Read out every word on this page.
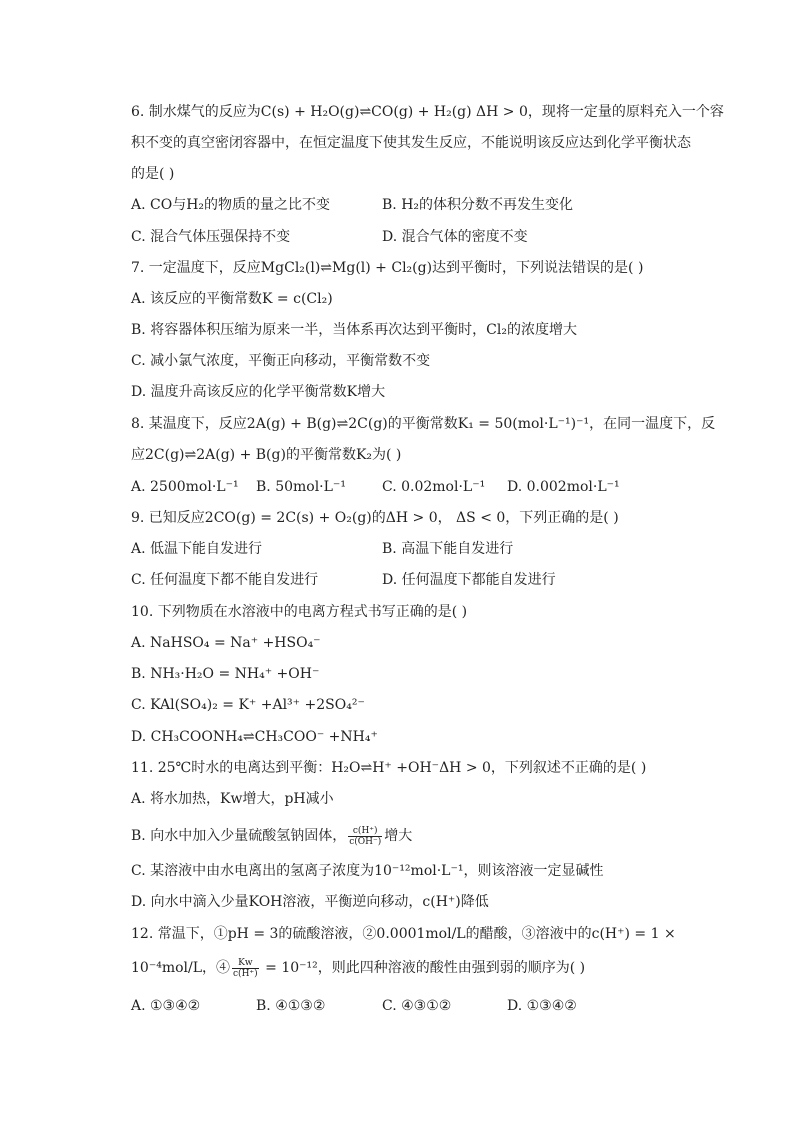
6. 制水煤气的反应为C(s) + H₂O(g)⇌CO(g) + H₂(g) ΔH > 0，现将一定量的原料充入一个容
积不变的真空密闭容器中，在恒定温度下使其发生反应，不能说明该反应达到化学平衡状态
的是( )
A. CO与H₂的物质的量之比不变	B. H₂的体积分数不再发生变化
C. 混合气体压强保持不变	D. 混合气体的密度不变
7. 一定温度下，反应MgCl₂(l)⇌Mg(l) + Cl₂(g)达到平衡时，下列说法错误的是( )
A. 该反应的平衡常数K = c(Cl₂)
B. 将容器体积压缩为原来一半，当体系再次达到平衡时，Cl₂的浓度增大
C. 减小氯气浓度，平衡正向移动，平衡常数不变
D. 温度升高该反应的化学平衡常数K增大
8. 某温度下，反应2A(g) + B(g)⇌2C(g)的平衡常数K₁ = 50(mol·L⁻¹)⁻¹，在同一温度下，反
应2C(g)⇌2A(g) + B(g)的平衡常数K₂为( )
A. 2500mol·L⁻¹ B. 50mol·L⁻¹	C. 0.02mol·L⁻¹ D. 0.002mol·L⁻¹
9. 已知反应2CO(g) = 2C(s) + O₂(g)的ΔH > 0， ΔS < 0，下列正确的是( )
A. 低温下能自发进行	B. 高温下能自发进行
C. 任何温度下都不能自发进行	D. 任何温度下都能自发进行
10. 下列物质在水溶液中的电离方程式书写正确的是( )
A. NaHSO₄ = Na⁺ +HSO₄⁻
B. NH₃·H₂O = NH₄⁺ +OH⁻
C. KAl(SO₄)₂ = K⁺ +Al³⁺ +2SO₄²⁻
D. CH₃COONH₄⇌CH₃COO⁻ +NH₄⁺
11. 25℃时水的电离达到平衡：H₂O⇌H⁺ +OH⁻ΔH > 0，下列叙述不正确的是( )
A. 将水加热，Kw增大，pH减小
B. 向水中加入少量硫酸氢钠固体， $\frac{c(H^+)}{c(OH^-)}$ 增大
C. 某溶液中由水电离出的氢离子浓度为10⁻¹²mol·L⁻¹，则该溶液一定显碱性
D. 向水中滴入少量KOH溶液，平衡逆向移动，c(H⁺)降低
12. 常温下，①pH = 3的硫酸溶液，②0.0001mol/L的醋酸，③溶液中的c(H⁺) = 1 ×
10⁻⁴mol/L，④ $\frac{Kw}{c(H^+)} = 10^{-12}$，则此四种溶液的酸性由强到弱的顺序为( )
A. ①③④②	B. ④①③②	C. ④③①②	D. ①③④②
